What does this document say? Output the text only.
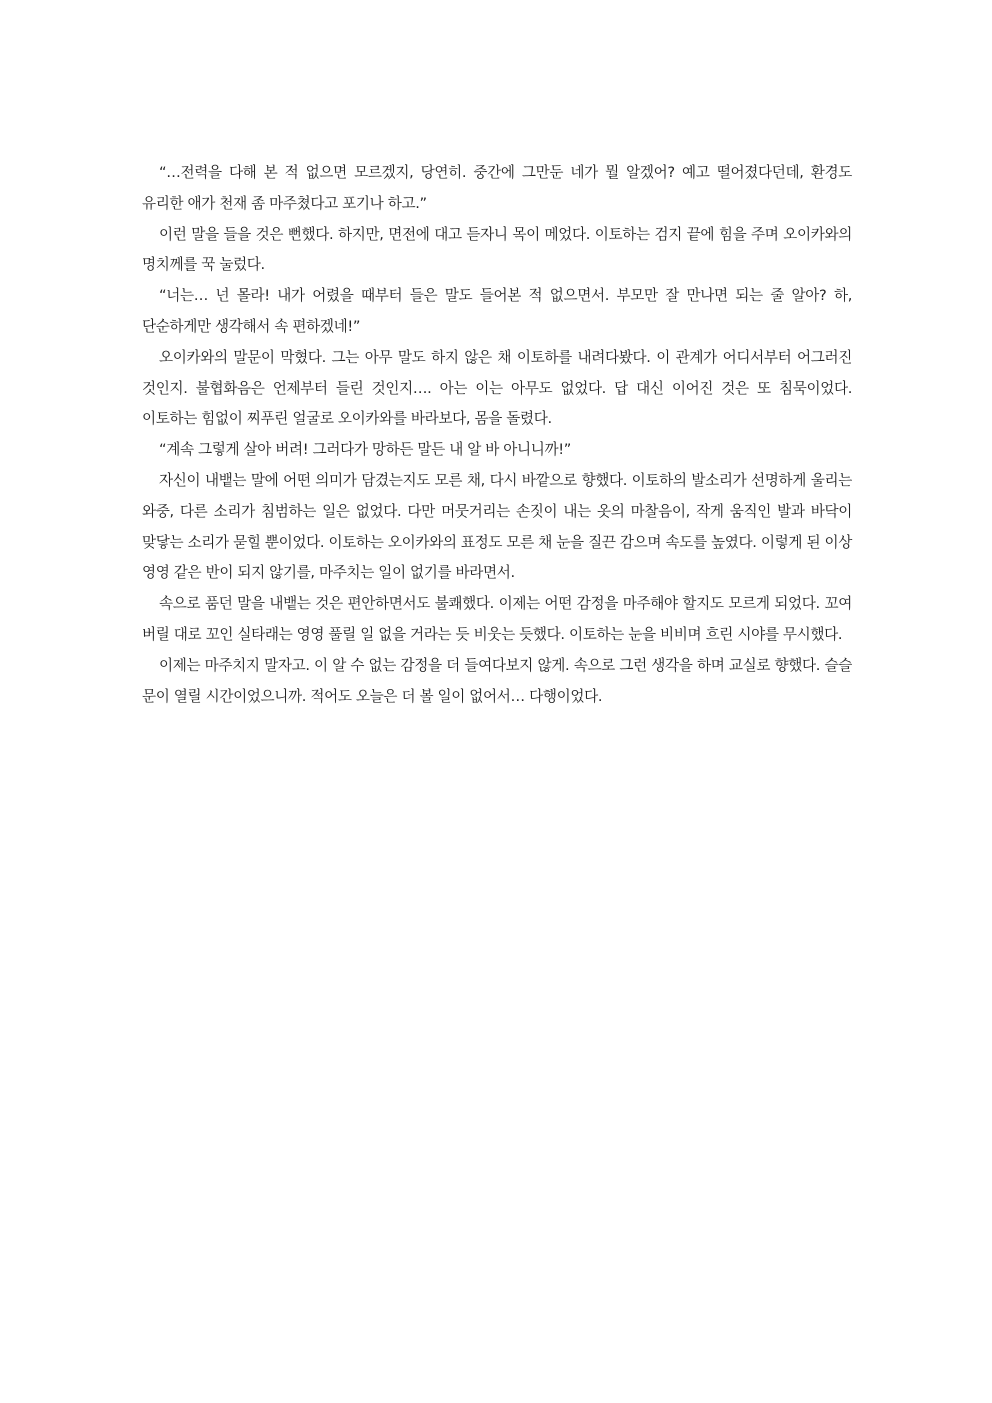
“…전력을 다해 본 적 없으면 모르겠지, 당연히. 중간에 그만둔 네가 뭘 알겠어? 예고 떨어졌다던데, 환경도 유리한 애가 천재 좀 마주쳤다고 포기나 하고.”

이런 말을 들을 것은 뻔했다. 하지만, 면전에 대고 듣자니 목이 메었다. 이토하는 검지 끝에 힘을 주며 오이카와의 명치께를 꾹 눌렀다.

“너는… 넌 몰라! 내가 어렸을 때부터 들은 말도 들어본 적 없으면서. 부모만 잘 만나면 되는 줄 알아? 하, 단순하게만 생각해서 속 편하겠네!”

오이카와의 말문이 막혔다. 그는 아무 말도 하지 않은 채 이토하를 내려다봤다. 이 관계가 어디서부터 어그러진 것인지. 불협화음은 언제부터 들린 것인지…. 아는 이는 아무도 없었다. 답 대신 이어진 것은 또 침묵이었다. 이토하는 힘없이 찌푸린 얼굴로 오이카와를 바라보다, 몸을 돌렸다.

“계속 그렇게 살아 버려! 그러다가 망하든 말든 내 알 바 아니니까!”

자신이 내뱉는 말에 어떤 의미가 담겼는지도 모른 채, 다시 바깥으로 향했다. 이토하의 발소리가 선명하게 울리는 와중, 다른 소리가 침범하는 일은 없었다. 다만 머뭇거리는 손짓이 내는 옷의 마찰음이, 작게 움직인 발과 바닥이 맞닿는 소리가 묻힐 뿐이었다. 이토하는 오이카와의 표정도 모른 채 눈을 질끈 감으며 속도를 높였다. 이렇게 된 이상 영영 같은 반이 되지 않기를, 마주치는 일이 없기를 바라면서.

속으로 품던 말을 내뱉는 것은 편안하면서도 불쾌했다. 이제는 어떤 감정을 마주해야 할지도 모르게 되었다. 꼬여 버릴 대로 꼬인 실타래는 영영 풀릴 일 없을 거라는 듯 비웃는 듯했다. 이토하는 눈을 비비며 흐린 시야를 무시했다.

이제는 마주치지 말자고. 이 알 수 없는 감정을 더 들여다보지 않게. 속으로 그런 생각을 하며 교실로 향했다. 슬슬 문이 열릴 시간이었으니까. 적어도 오늘은 더 볼 일이 없어서… 다행이었다.
